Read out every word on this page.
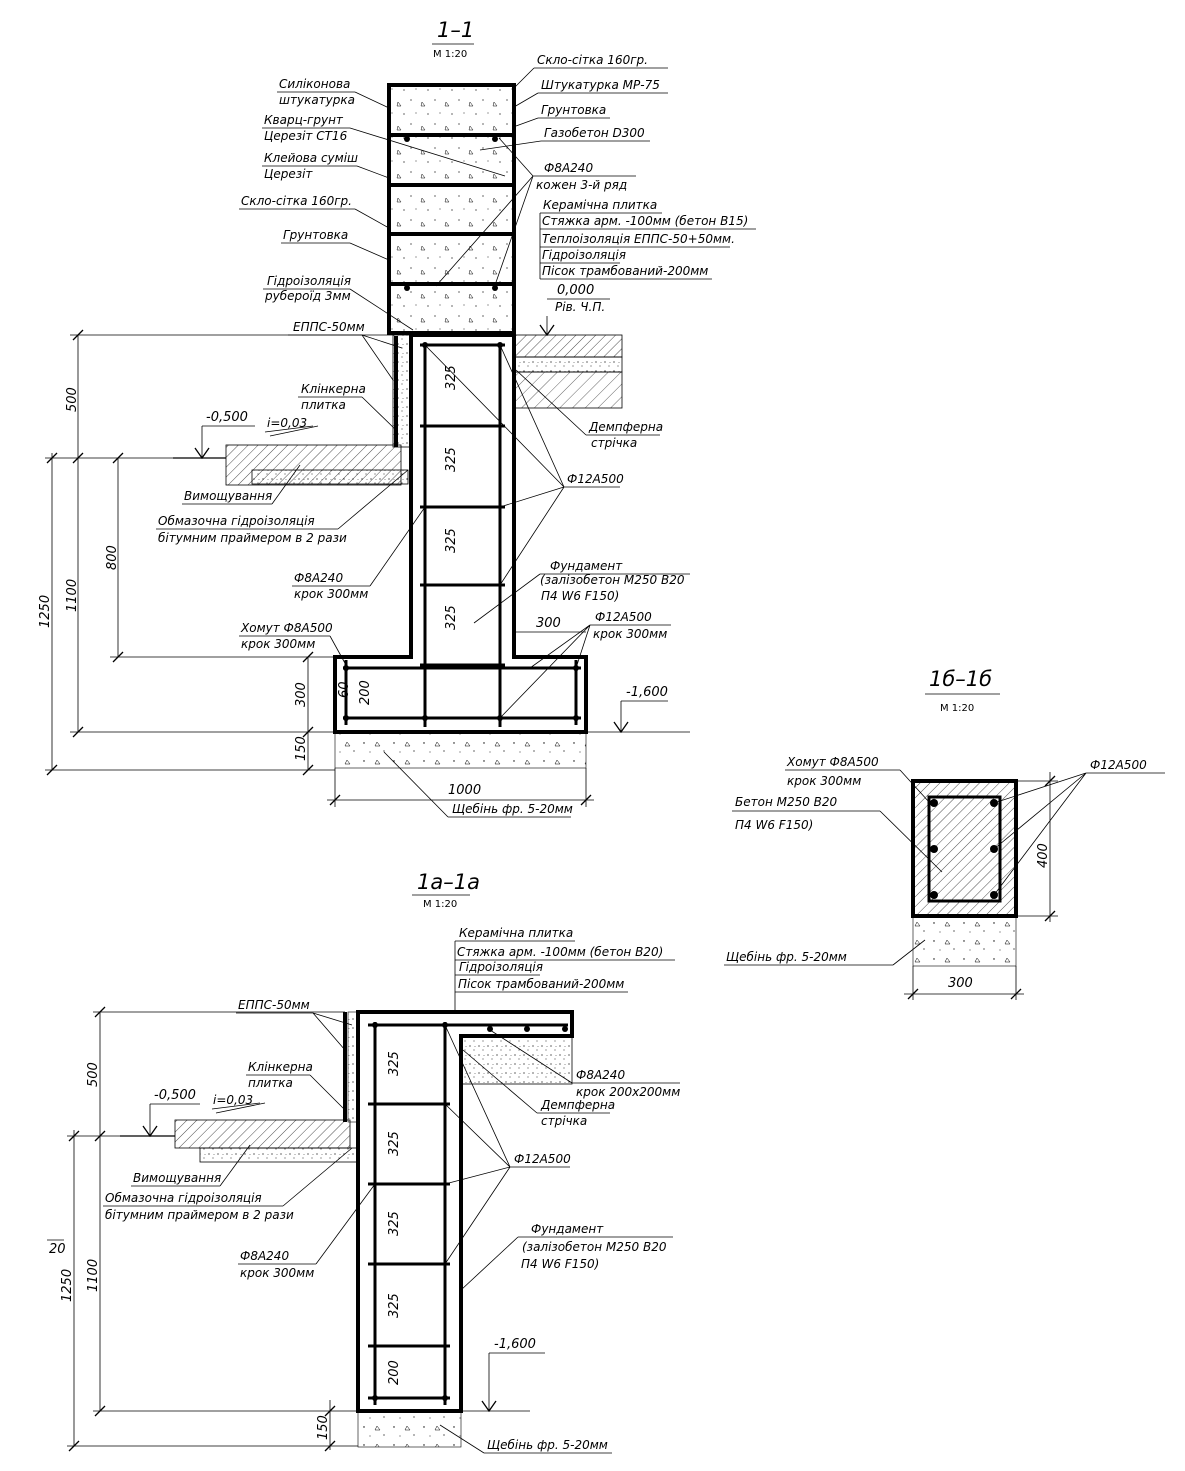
1–1
М 1:20
325
325
325
325
200
60
300
500
1250 1100
800
300
150
1000
Щебінь фр. 5-20мм
0,000
Рів. Ч.П.
-0,500 i=0,03
-1,600
Скло-сітка 160гр.
Штукатурка МР-75
Грунтовка
Газобетон D300
Ф8А240
кожен 3-й ряд
Керамічна плитка
Стяжка арм. -100мм (бетон В15)
Теплоізоляція ЕППС-50+50мм.
Гідроізоляція
Пісок трамбований-200мм
Демпферна
стрічка
Ф12А500
Фундамент
(залізобетон М250 В20
П4 W6 F150)
Ф12А500
крок 300мм
Силіконова
штукатурка
Кварц-грунт
Церезіт СТ16
Клейова суміш
Церезіт
Скло-сітка 160гр.
Грунтовка
Гідроізоляція
рубероїд 3мм
ЕППС-50мм
Клінкерна
плитка
Вимощування
Обмазочна гідроізоляція
бітумним праймером в 2 рази
Ф8А240
крок 300мм
Хомут Ф8А500
крок 300мм
1б–1б
М 1:20
400
300
Хомут Ф8А500
крок 300мм
Бетон М250 В20
П4 W6 F150)
Ф12А500
Щебінь фр. 5-20мм
1а–1а
М 1:20
325
325
325
325
200
500
1250 1100
150
20
-0,500 i=0,03
-1,600
Керамічна плитка
Стяжка арм. -100мм (бетон В20)
Гідроізоляція
Пісок трамбований-200мм
ЕППС-50мм
Клінкерна
плитка
Ф8А240
крок 200х200мм
Демпферна
стрічка
Ф12А500
Фундамент
(залізобетон М250 В20
П4 W6 F150)
Вимощування
Обмазочна гідроізоляція
бітумним праймером в 2 рази
Ф8А240
крок 300мм
Щебінь фр. 5-20мм
